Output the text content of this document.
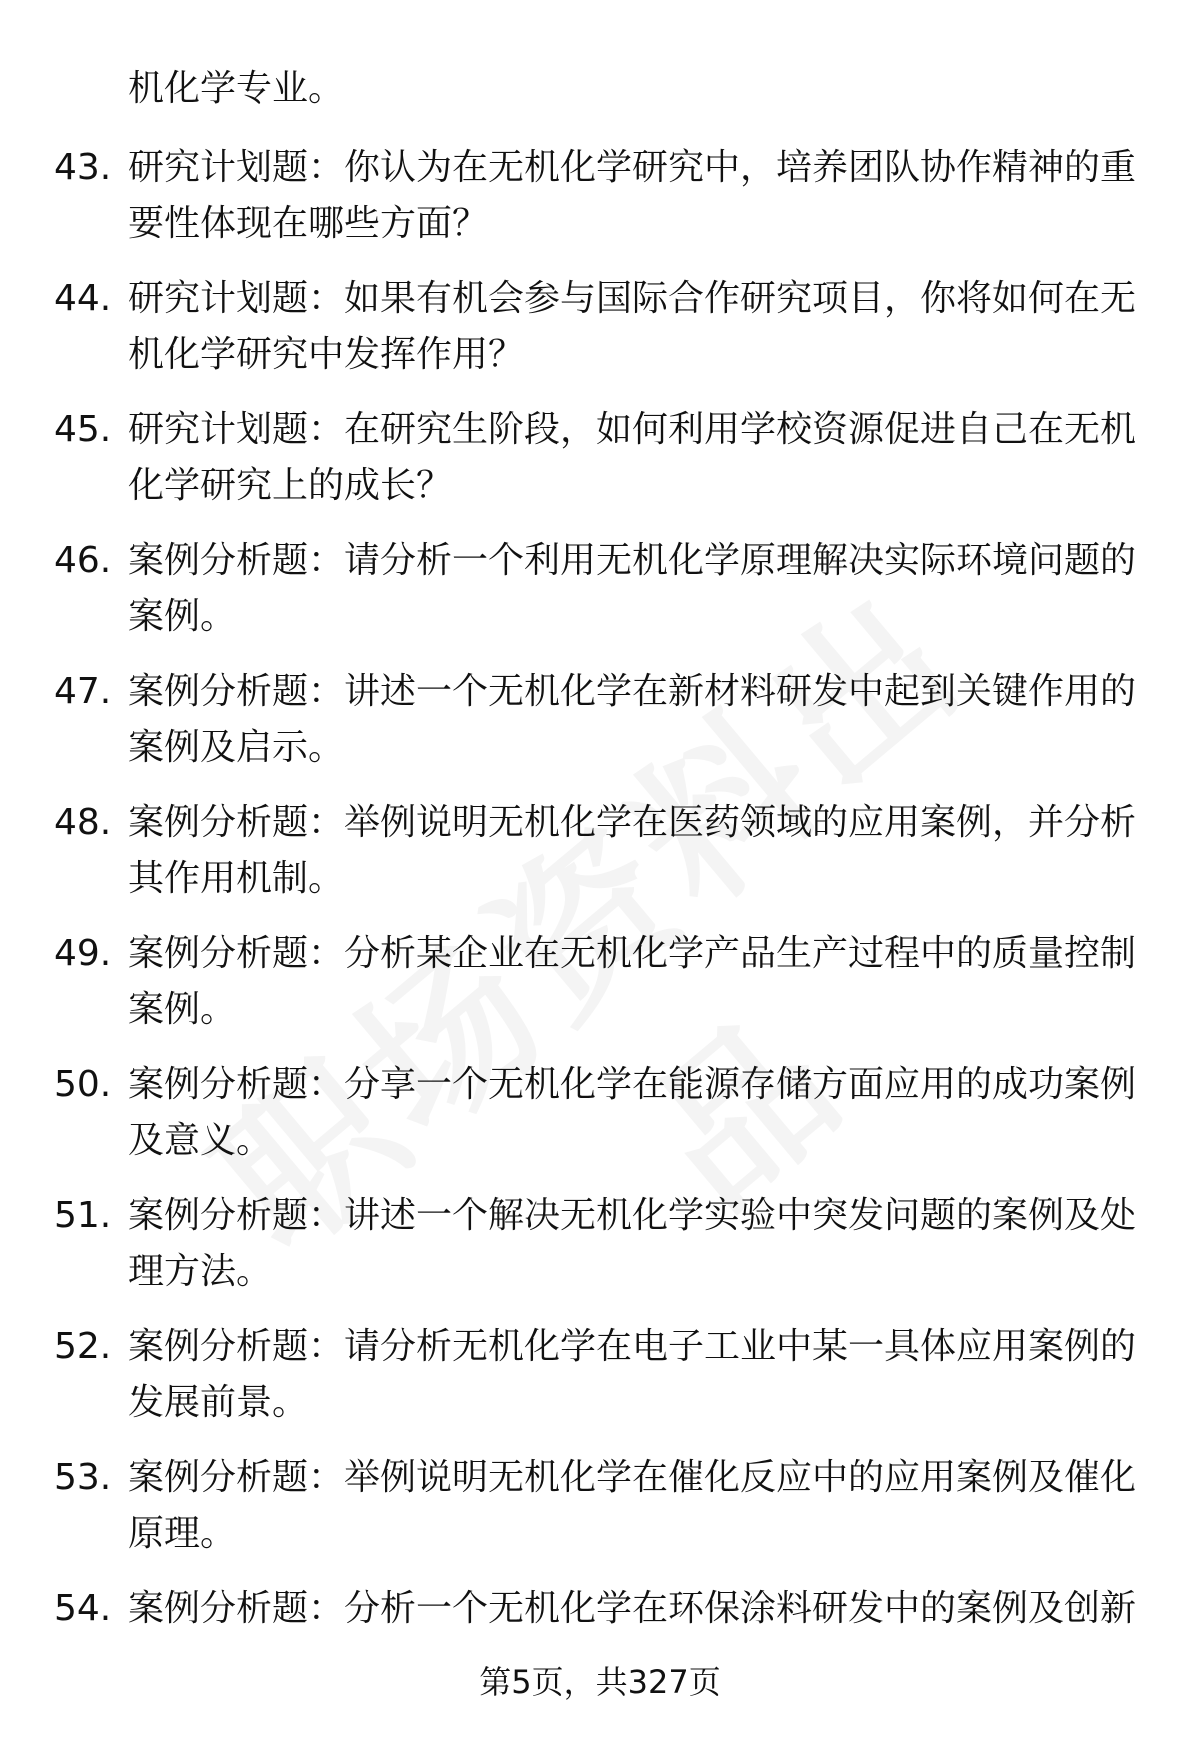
机化学专业。
43. 研究计划题：你认为在无机化学研究中，培养团队协作精神的重要性体现在哪些方面？
44. 研究计划题：如果有机会参与国际合作研究项目，你将如何在无机化学研究中发挥作用？
45. 研究计划题：在研究生阶段，如何利用学校资源促进自己在无机化学研究上的成长？
46. 案例分析题：请分析一个利用无机化学原理解决实际环境问题的案例。
47. 案例分析题：讲述一个无机化学在新材料研发中起到关键作用的案例及启示。
48. 案例分析题：举例说明无机化学在医药领域的应用案例，并分析其作用机制。
49. 案例分析题：分析某企业在无机化学产品生产过程中的质量控制案例。
50. 案例分析题：分享一个无机化学在能源存储方面应用的成功案例及意义。
51. 案例分析题：讲述一个解决无机化学实验中突发问题的案例及处理方法。
52. 案例分析题：请分析无机化学在电子工业中某一具体应用案例的发展前景。
53. 案例分析题：举例说明无机化学在催化反应中的应用案例及催化原理。
54. 案例分析题：分析一个无机化学在环保涂料研发中的案例及创新
第5页，共327页
